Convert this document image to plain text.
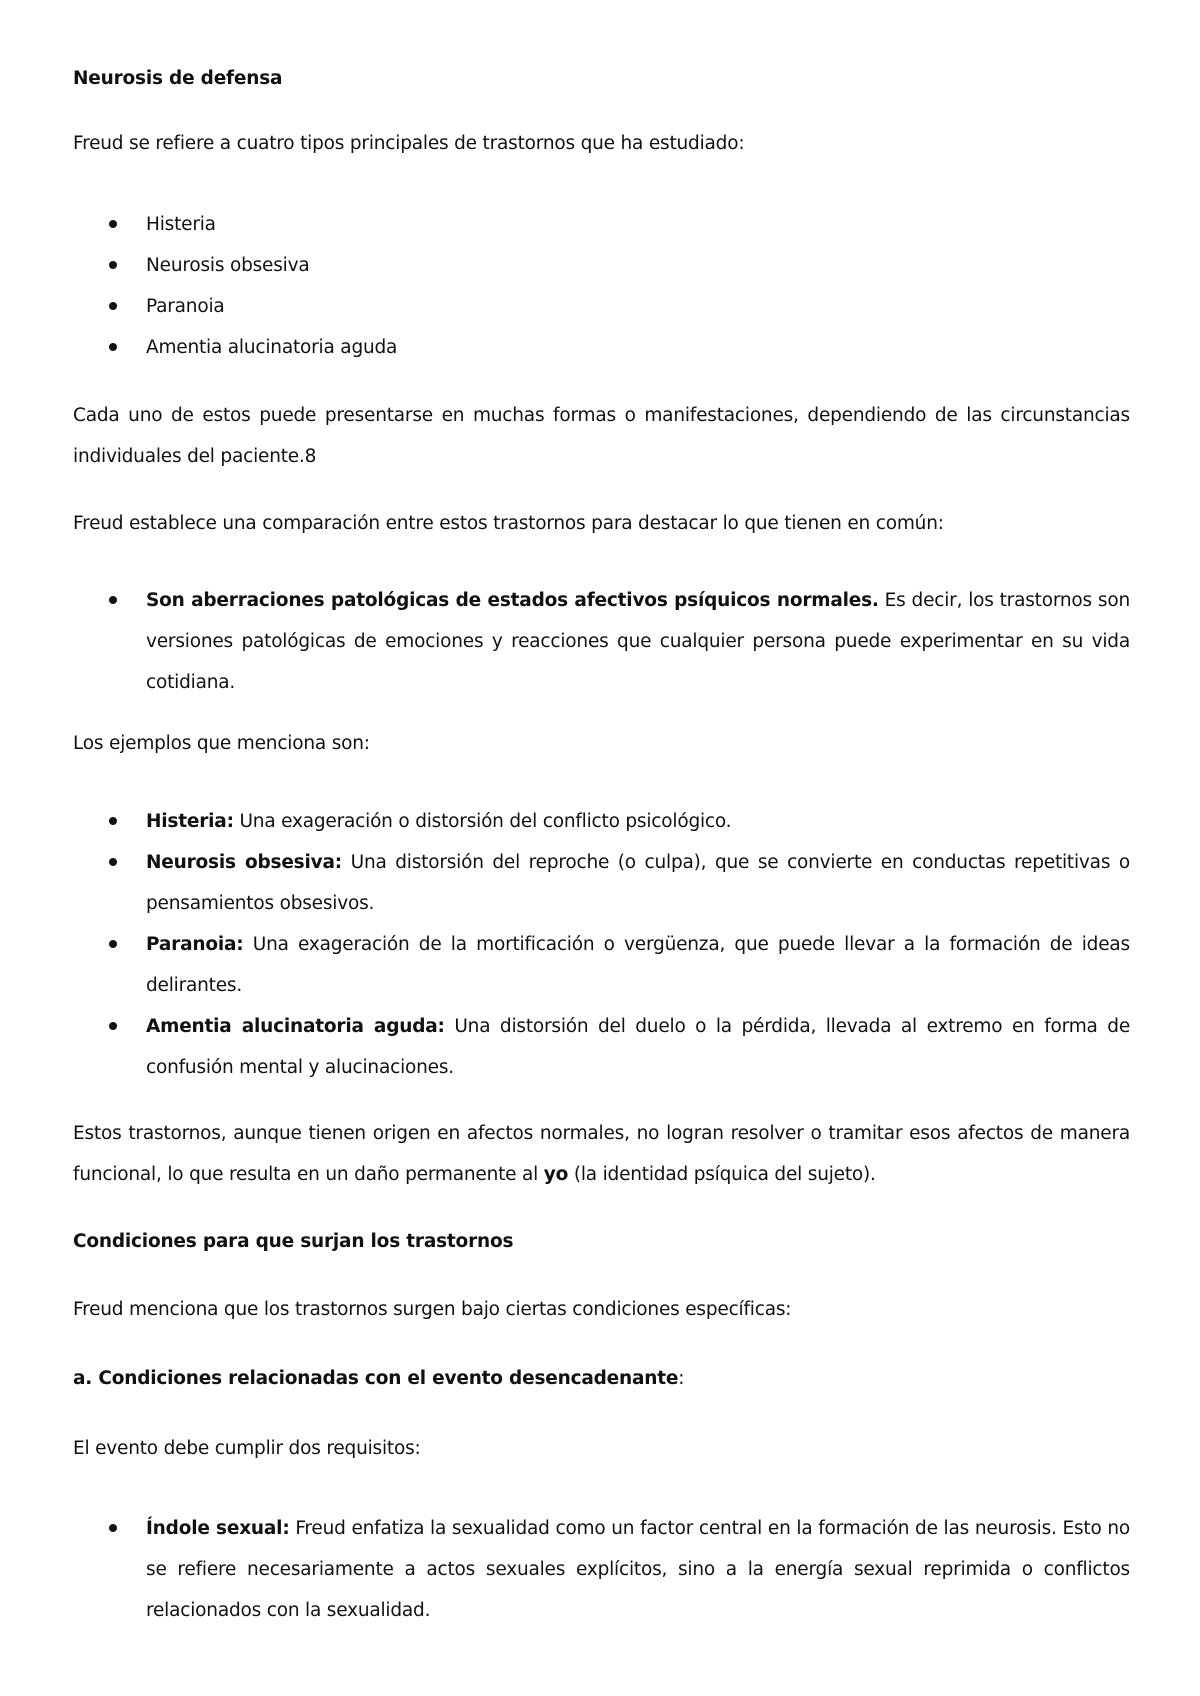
Neurosis de defensa

Freud se refiere a cuatro tipos principales de trastornos que ha estudiado:

Histeria
Neurosis obsesiva
Paranoia
Amentia alucinatoria aguda

Cada uno de estos puede presentarse en muchas formas o manifestaciones, dependiendo de las circunstancias individuales del paciente.8

Freud establece una comparación entre estos trastornos para destacar lo que tienen en común:

Son aberraciones patológicas de estados afectivos psíquicos normales. Es decir, los trastornos son versiones patológicas de emociones y reacciones que cualquier persona puede experimentar en su vida cotidiana.

Los ejemplos que menciona son:

Histeria: Una exageración o distorsión del conflicto psicológico.
Neurosis obsesiva: Una distorsión del reproche (o culpa), que se convierte en conductas repetitivas o pensamientos obsesivos.
Paranoia: Una exageración de la mortificación o vergüenza, que puede llevar a la formación de ideas delirantes.
Amentia alucinatoria aguda: Una distorsión del duelo o la pérdida, llevada al extremo en forma de confusión mental y alucinaciones.

Estos trastornos, aunque tienen origen en afectos normales, no logran resolver o tramitar esos afectos de manera funcional, lo que resulta en un daño permanente al yo (la identidad psíquica del sujeto).

Condiciones para que surjan los trastornos

Freud menciona que los trastornos surgen bajo ciertas condiciones específicas:

a. Condiciones relacionadas con el evento desencadenante:

El evento debe cumplir dos requisitos:

Índole sexual: Freud enfatiza la sexualidad como un factor central en la formación de las neurosis. Esto no se refiere necesariamente a actos sexuales explícitos, sino a la energía sexual reprimida o conflictos relacionados con la sexualidad.
